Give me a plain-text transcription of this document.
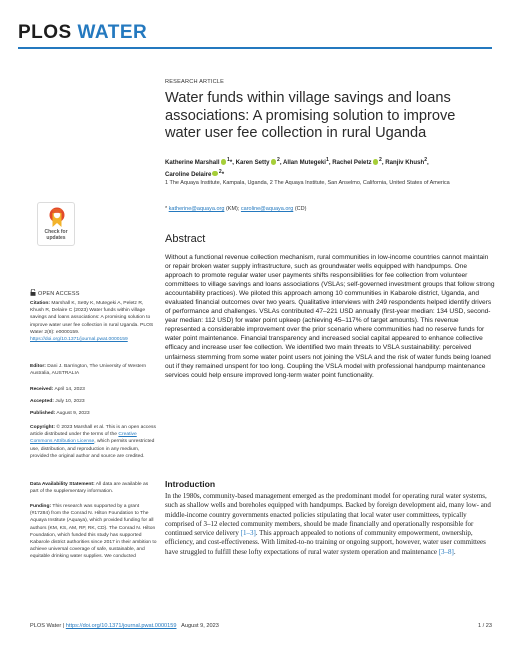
PLOS WATER
Check for
updates
RESEARCH ARTICLE
Water funds within village savings and loans associations: A promising solution to improve water user fee collection in rural Uganda
Katherine Marshall $^1$*, Karen Setty $^2$, Allan Mutegeki$^1$, Rachel Peletz $^2$, Ranjiv Khush$^2$,
Caroline Delaire $^2$*
1 The Aquaya Institute, Kampala, Uganda, 2 The Aquaya Institute, San Anselmo, California, United States of America
* katherine@aquaya.org (KM); caroline@aquaya.org (CD)
Abstract
Without a functional revenue collection mechanism, rural communities in low-income countries cannot maintain or repair broken water supply infrastructure, such as groundwater wells equipped with handpumps. One approach to promote regular water user payments shifts responsibilities for fee collection from volunteer committees to village savings and loans associations (VSLAs; self-governed investment groups that follow strong accountability practices). We piloted this approach among 10 communities in Kabarole district, Uganda, and evaluated financial outcomes over two years. Qualitative interviews with 249 respondents helped identify drivers of performance and challenges. VSLAs contributed 47–221 USD annually (first-year median: 134 USD, second-year median: 112 USD) for water point upkeep (achieving 45–117% of target amounts). This revenue represented a considerable improvement over the prior scenario where communities had no reserve funds for water point maintenance. Financial transparency and increased social capital appeared to enhance collective efficacy and increase user fee collection. We identified two main threats to VSLA sustainability: perceived unfairness stemming from some water point users not joining the VSLA and the risk of water funds being loaned out if they remained unspent for too long. Coupling the VSLA model with professional handpump maintenance services could help ensure improved long-term water point functionality.
Introduction
In the 1980s, community-based management emerged as the predominant model for operating rural water systems, such as shallow wells and boreholes equipped with handpumps. Backed by foreign development aid, many low- and middle-income country governments enacted policies stipulating that local water user committees, typically comprised of 3–12 elected community members, should be made financially and operationally responsible for continued service delivery [1–3]. This approach appealed to notions of community empowerment, ownership, efficiency, and cost-effectiveness. With limited-to-no training or ongoing support, however, water user committees have struggled to fulfill these lofty expectations of rural water system operation and maintenance [3–8].
OPEN ACCESS
Citation: Marshall K, Setty K, Mutegeki A, Peletz R, Khush R, Delaire C (2023) Water funds within village savings and loans associations: A promising solution to improve water user fee collection in rural Uganda. PLOS Water 2(8): e0000159. https://doi.org/10.1371/journal.pwat.0000159
Editor: Dani J. Barrington, The University of Western Australia, AUSTRALIA
Received: April 14, 2023
Accepted: July 10, 2023
Published: August 9, 2023
Copyright: © 2023 Marshall et al. This is an open access article distributed under the terms of the Creative Commons Attribution License, which permits unrestricted use, distribution, and reproduction in any medium, provided the original author and source are credited.
Data Availability Statement: All data are available as part of the supplementary information.
Funding: This research was supported by a grant (#17284) from the Conrad N. Hilton Foundation to The Aquaya Institute (Aquaya), which provided funding for all authors (KM, KS, AM, RP, RK, CD). The Conrad N. Hilton Foundation, which funded this study has supported Kabarole district authorities since 2017 in their ambition to achieve universal coverage of safe, sustainable, and equitable drinking water supplies. We conducted
PLOS Water | https://doi.org/10.1371/journal.pwat.0000159 August 9, 2023	1 / 23
